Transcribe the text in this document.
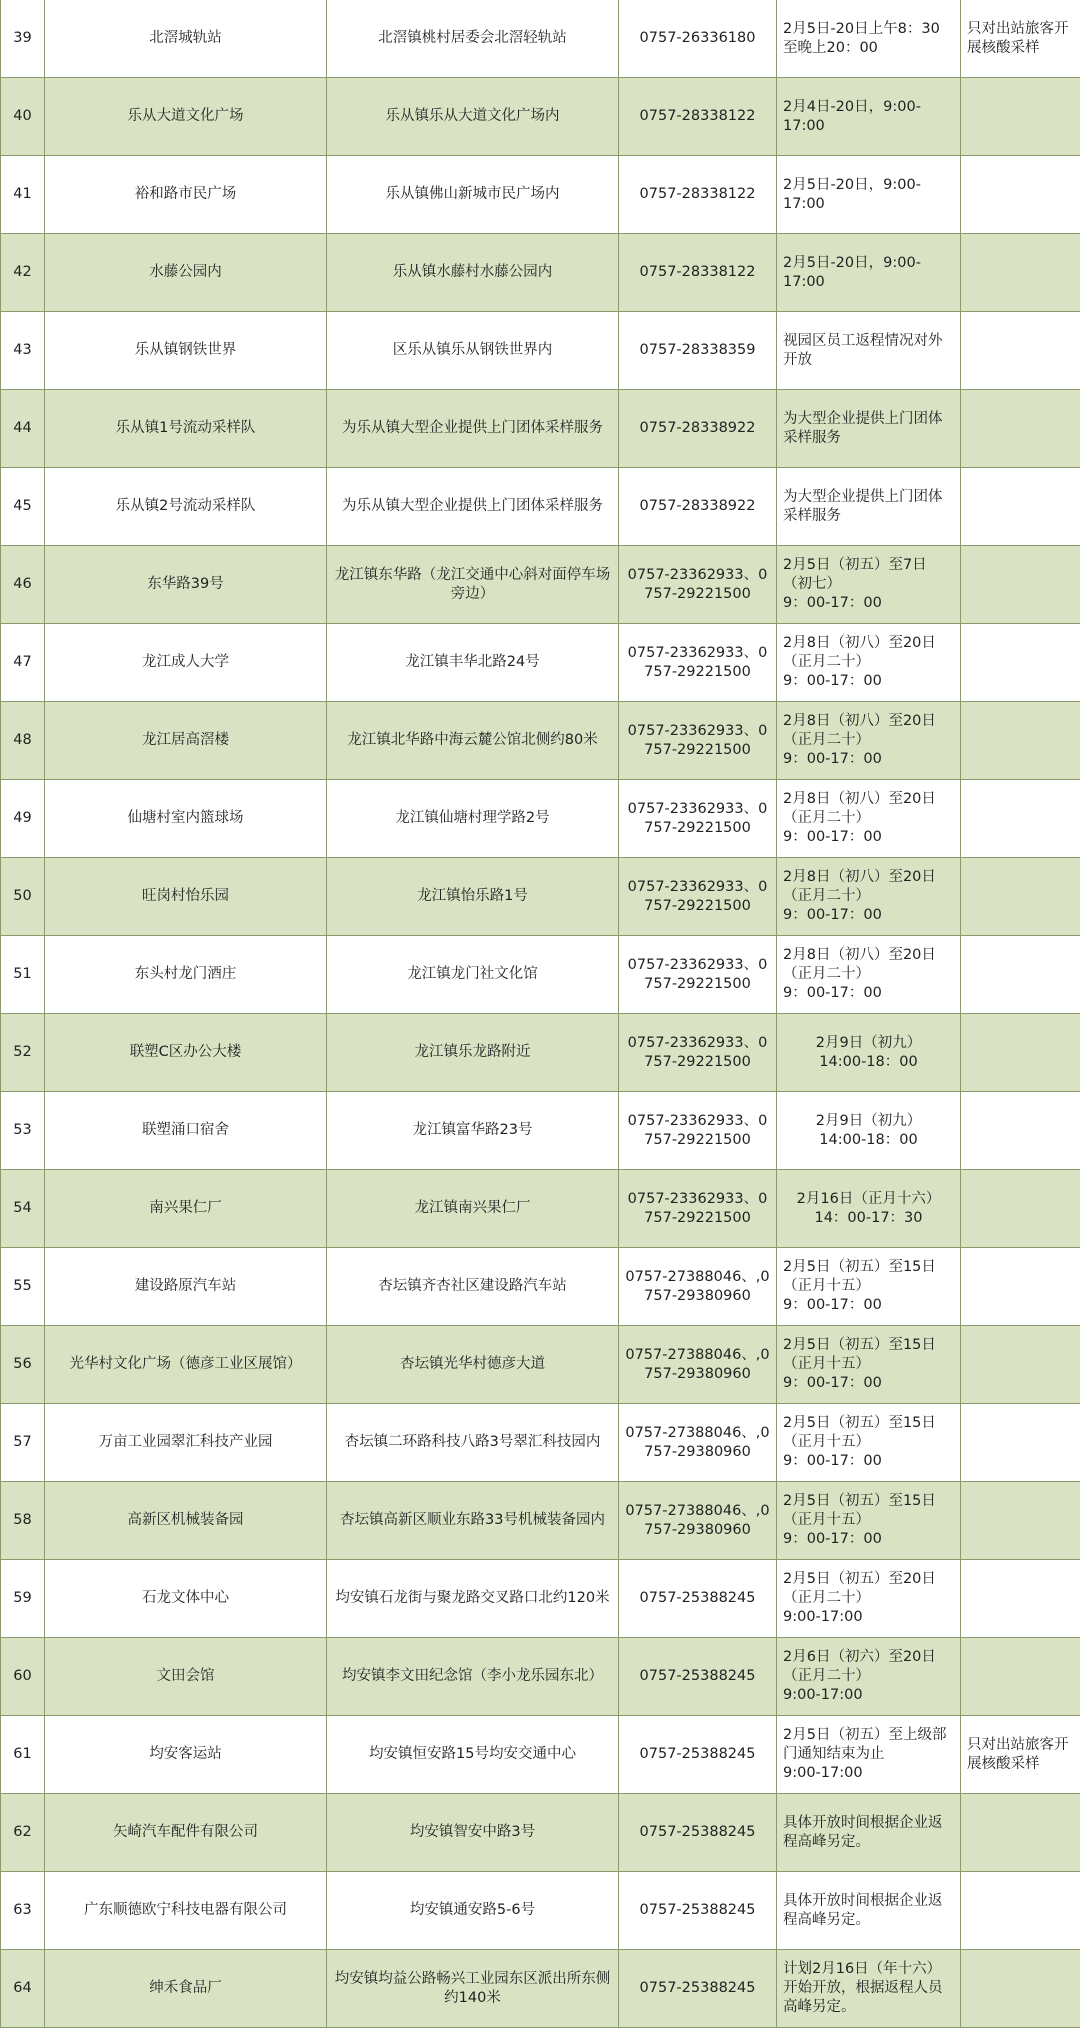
39	北滘城轨站	北滘镇桃村居委会北滘轻轨站	0757-26336180	2月5日-20日上午8：30至晚上20：00	只对出站旅客开展核酸采样
40	乐从大道文化广场	乐从镇乐从大道文化广场内	0757-28338122	2月4日-20日，9:00-17:00	
41	裕和路市民广场	乐从镇佛山新城市民广场内	0757-28338122	2月5日-20日，9:00-17:00	
42	水藤公园内	乐从镇水藤村水藤公园内	0757-28338122	2月5日-20日，9:00-17:00	
43	乐从镇钢铁世界	区乐从镇乐从钢铁世界内	0757-28338359	视园区员工返程情况对外开放	
44	乐从镇1号流动采样队	为乐从镇大型企业提供上门团体采样服务	0757-28338922	为大型企业提供上门团体采样服务	
45	乐从镇2号流动采样队	为乐从镇大型企业提供上门团体采样服务	0757-28338922	为大型企业提供上门团体采样服务	
46	东华路39号	龙江镇东华路（龙江交通中心斜对面停车场旁边）	0757-23362933、0757-29221500	2月5日（初五）至7日
（初七）
9：00-17：00	
47	龙江成人大学	龙江镇丰华北路24号	0757-23362933、0757-29221500	2月8日（初八）至20日
（正月二十）
9：00-17：00	
48	龙江居高滘楼	龙江镇北华路中海云麓公馆北侧约80米	0757-23362933、0757-29221500	2月8日（初八）至20日
（正月二十）
9：00-17：00	
49	仙塘村室内篮球场	龙江镇仙塘村理学路2号	0757-23362933、0757-29221500	2月8日（初八）至20日
（正月二十）
9：00-17：00	
50	旺岗村怡乐园	龙江镇怡乐路1号	0757-23362933、0757-29221500	2月8日（初八）至20日
（正月二十）
9：00-17：00	
51	东头村龙门酒庄	龙江镇龙门社文化馆	0757-23362933、0757-29221500	2月8日（初八）至20日
（正月二十）
9：00-17：00	
52	联塑C区办公大楼	龙江镇乐龙路附近	0757-23362933、0757-29221500	2月9日（初九）
14:00-18：00	
53	联塑涌口宿舍	龙江镇富华路23号	0757-23362933、0757-29221500	2月9日（初九）
14:00-18：00	
54	南兴果仁厂	龙江镇南兴果仁厂	0757-23362933、0757-29221500	2月16日（正月十六）
14：00-17：30	
55	建设路原汽车站	杏坛镇齐杏社区建设路汽车站	0757-27388046、,0757-29380960	2月5日（初五）至15日
（正月十五）
9：00-17：00	
56	光华村文化广场（德彦工业区展馆）	杏坛镇光华村德彦大道	0757-27388046、,0757-29380960	2月5日（初五）至15日
（正月十五）
9：00-17：00	
57	万亩工业园翠汇科技产业园	杏坛镇二环路科技八路3号翠汇科技园内	0757-27388046、,0757-29380960	2月5日（初五）至15日
（正月十五）
9：00-17：00	
58	高新区机械装备园	杏坛镇高新区顺业东路33号机械装备园内	0757-27388046、,0757-29380960	2月5日（初五）至15日
（正月十五）
9：00-17：00	
59	石龙文体中心	均安镇石龙街与聚龙路交叉路口北约120米	0757-25388245	2月5日（初五）至20日
（正月二十）
9:00-17:00	
60	文田会馆	均安镇李文田纪念馆（李小龙乐园东北）	0757-25388245	2月6日（初六）至20日
（正月二十）
9:00-17:00	
61	均安客运站	均安镇恒安路15号均安交通中心	0757-25388245	2月5日（初五）至上级部门通知结束为止
9:00-17:00	只对出站旅客开展核酸采样
62	矢崎汽车配件有限公司	均安镇智安中路3号	0757-25388245	具体开放时间根据企业返程高峰另定。	
63	广东顺德欧宁科技电器有限公司	均安镇通安路5-6号	0757-25388245	具体开放时间根据企业返程高峰另定。	
64	绅禾食品厂	均安镇均益公路畅兴工业园东区派出所东侧约140米	0757-25388245	计划2月16日（年十六）开始开放，根据返程人员高峰另定。	
